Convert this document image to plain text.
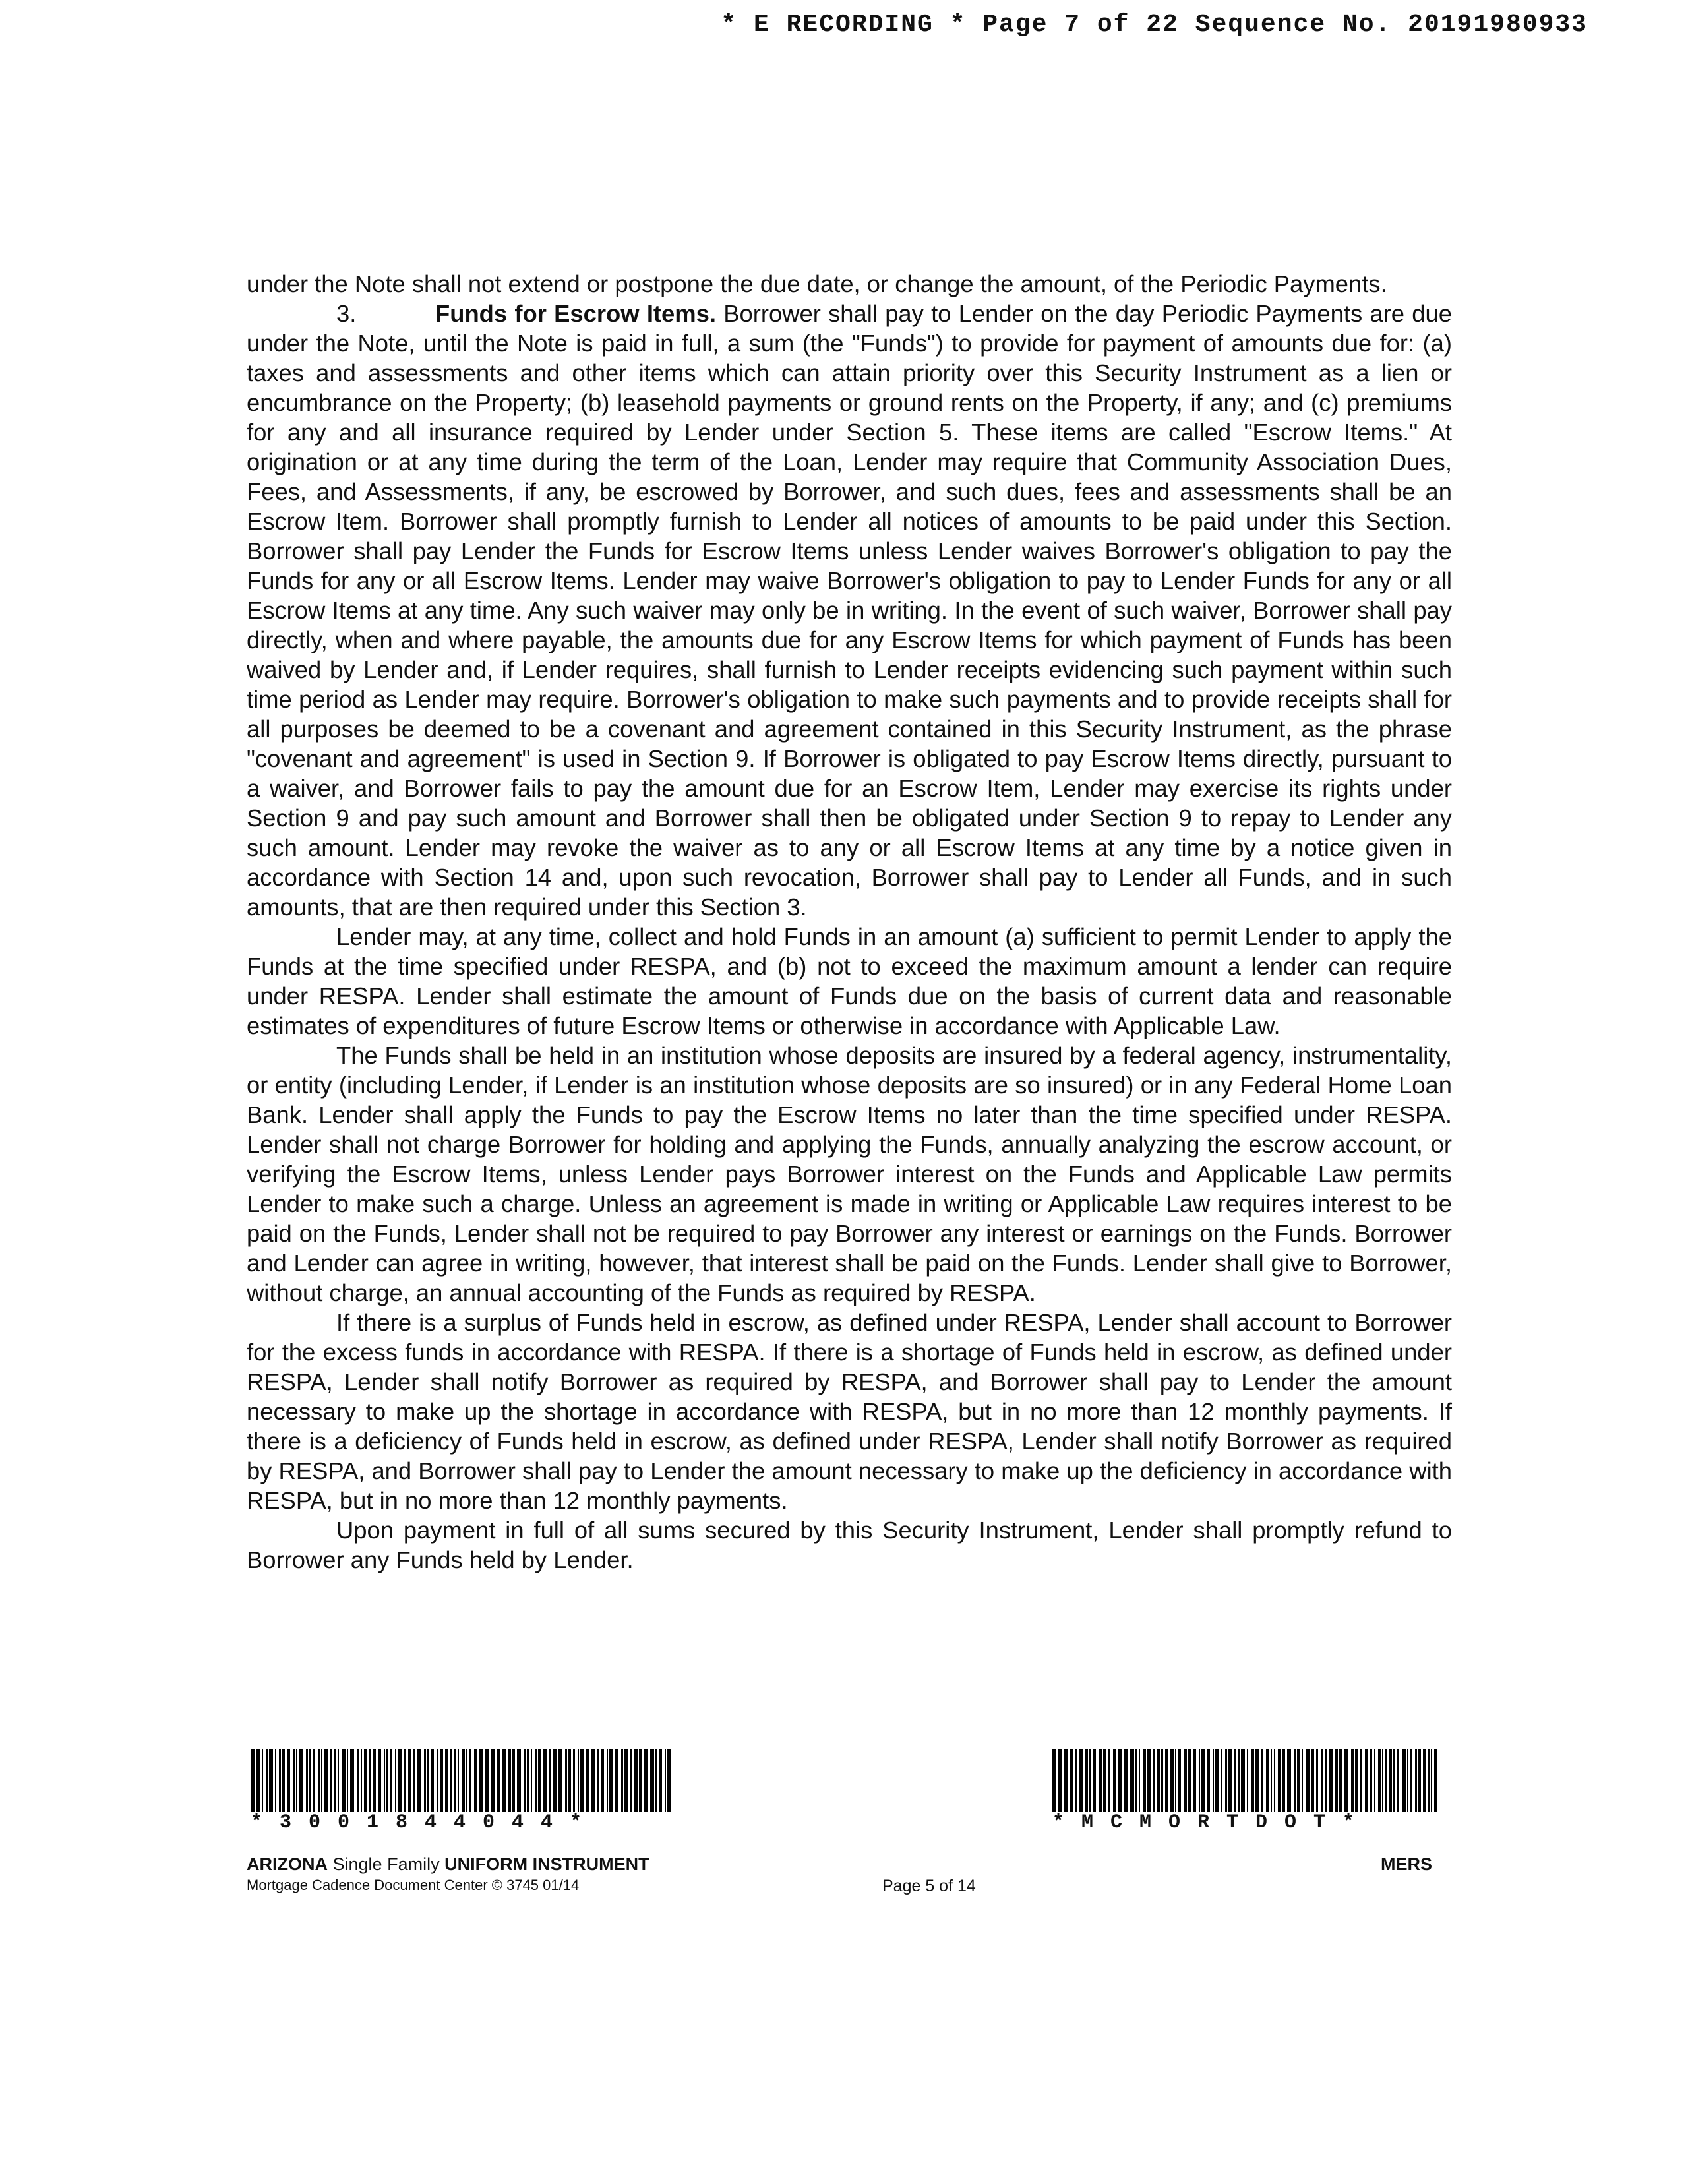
* E RECORDING * Page 7 of 22 Sequence No. 20191980933

under the Note shall not extend or postpone the due date, or change the amount, of the Periodic Payments.

3.	Funds for Escrow Items. Borrower shall pay to Lender on the day Periodic Payments are due under the Note, until the Note is paid in full, a sum (the "Funds") to provide for payment of amounts due for: (a) taxes and assessments and other items which can attain priority over this Security Instrument as a lien or encumbrance on the Property; (b) leasehold payments or ground rents on the Property, if any; and (c) premiums for any and all insurance required by Lender under Section 5. These items are called "Escrow Items." At origination or at any time during the term of the Loan, Lender may require that Community Association Dues, Fees, and Assessments, if any, be escrowed by Borrower, and such dues, fees and assessments shall be an Escrow Item. Borrower shall promptly furnish to Lender all notices of amounts to be paid under this Section. Borrower shall pay Lender the Funds for Escrow Items unless Lender waives Borrower's obligation to pay the Funds for any or all Escrow Items. Lender may waive Borrower's obligation to pay to Lender Funds for any or all Escrow Items at any time. Any such waiver may only be in writing. In the event of such waiver, Borrower shall pay directly, when and where payable, the amounts due for any Escrow Items for which payment of Funds has been waived by Lender and, if Lender requires, shall furnish to Lender receipts evidencing such payment within such time period as Lender may require. Borrower's obligation to make such payments and to provide receipts shall for all purposes be deemed to be a covenant and agreement contained in this Security Instrument, as the phrase "covenant and agreement" is used in Section 9. If Borrower is obligated to pay Escrow Items directly, pursuant to a waiver, and Borrower fails to pay the amount due for an Escrow Item, Lender may exercise its rights under Section 9 and pay such amount and Borrower shall then be obligated under Section 9 to repay to Lender any such amount. Lender may revoke the waiver as to any or all Escrow Items at any time by a notice given in accordance with Section 14 and, upon such revocation, Borrower shall pay to Lender all Funds, and in such amounts, that are then required under this Section 3.

Lender may, at any time, collect and hold Funds in an amount (a) sufficient to permit Lender to apply the Funds at the time specified under RESPA, and (b) not to exceed the maximum amount a lender can require under RESPA. Lender shall estimate the amount of Funds due on the basis of current data and reasonable estimates of expenditures of future Escrow Items or otherwise in accordance with Applicable Law.

The Funds shall be held in an institution whose deposits are insured by a federal agency, instrumentality, or entity (including Lender, if Lender is an institution whose deposits are so insured) or in any Federal Home Loan Bank. Lender shall apply the Funds to pay the Escrow Items no later than the time specified under RESPA. Lender shall not charge Borrower for holding and applying the Funds, annually analyzing the escrow account, or verifying the Escrow Items, unless Lender pays Borrower interest on the Funds and Applicable Law permits Lender to make such a charge. Unless an agreement is made in writing or Applicable Law requires interest to be paid on the Funds, Lender shall not be required to pay Borrower any interest or earnings on the Funds. Borrower and Lender can agree in writing, however, that interest shall be paid on the Funds. Lender shall give to Borrower, without charge, an annual accounting of the Funds as required by RESPA.

If there is a surplus of Funds held in escrow, as defined under RESPA, Lender shall account to Borrower for the excess funds in accordance with RESPA. If there is a shortage of Funds held in escrow, as defined under RESPA, Lender shall notify Borrower as required by RESPA, and Borrower shall pay to Lender the amount necessary to make up the shortage in accordance with RESPA, but in no more than 12 monthly payments. If there is a deficiency of Funds held in escrow, as defined under RESPA, Lender shall notify Borrower as required by RESPA, and Borrower shall pay to Lender the amount necessary to make up the deficiency in accordance with RESPA, but in no more than 12 monthly payments.

Upon payment in full of all sums secured by this Security Instrument, Lender shall promptly refund to Borrower any Funds held by Lender.

*3001844044*	*MCMORTDOT*
ARIZONA Single Family UNIFORM INSTRUMENT
Mortgage Cadence Document Center © 3745 01/14
MERS
Page 5 of 14
